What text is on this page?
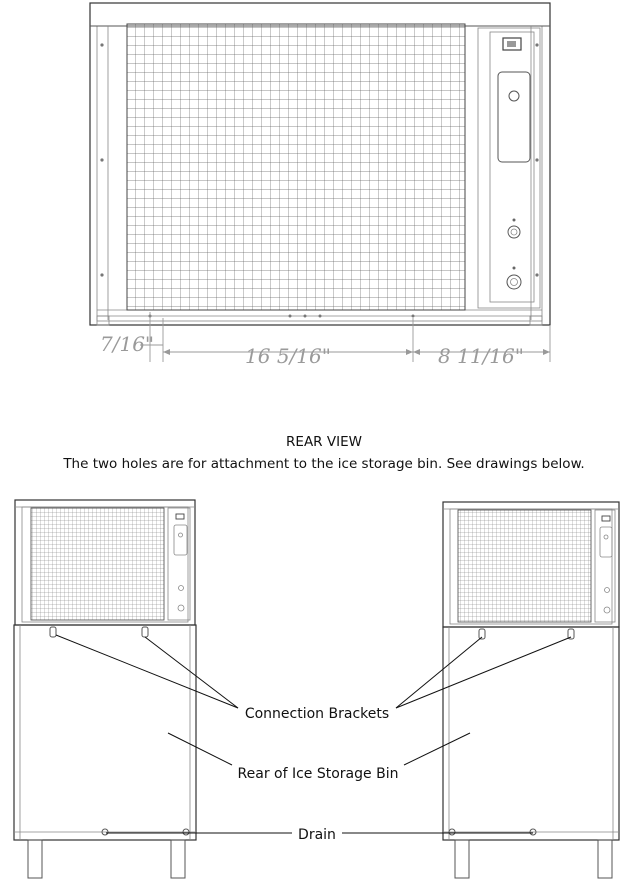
7/16"	16 5/16"	8 11/16"
REAR VIEW
The two holes are for attachment to the ice storage bin. See drawings below.
Connection Brackets
Rear of Ice Storage Bin
Drain
